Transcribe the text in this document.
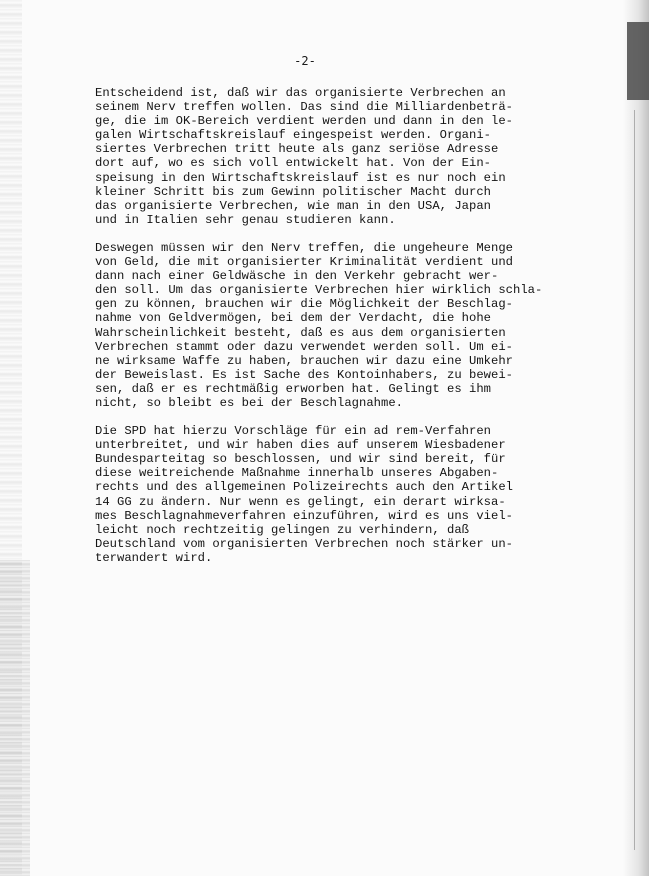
-2-

Entscheidend ist, daß wir das organisierte Verbrechen an
seinem Nerv treffen wollen. Das sind die Milliardenbeträ-
ge, die im OK-Bereich verdient werden und dann in den le-
galen Wirtschaftskreislauf eingespeist werden. Organi-
siertes Verbrechen tritt heute als ganz seriöse Adresse
dort auf, wo es sich voll entwickelt hat. Von der Ein-
speisung in den Wirtschaftskreislauf ist es nur noch ein
kleiner Schritt bis zum Gewinn politischer Macht durch
das organisierte Verbrechen, wie man in den USA, Japan
und in Italien sehr genau studieren kann.

Deswegen müssen wir den Nerv treffen, die ungeheure Menge
von Geld, die mit organisierter Kriminalität verdient und
dann nach einer Geldwäsche in den Verkehr gebracht wer-
den soll. Um das organisierte Verbrechen hier wirklich schla-
gen zu können, brauchen wir die Möglichkeit der Beschlag-
nahme von Geldvermögen, bei dem der Verdacht, die hohe
Wahrscheinlichkeit besteht, daß es aus dem organisierten
Verbrechen stammt oder dazu verwendet werden soll. Um ei-
ne wirksame Waffe zu haben, brauchen wir dazu eine Umkehr
der Beweislast. Es ist Sache des Kontoinhabers, zu bewei-
sen, daß er es rechtmäßig erworben hat. Gelingt es ihm
nicht, so bleibt es bei der Beschlagnahme.

Die SPD hat hierzu Vorschläge für ein ad rem-Verfahren
unterbreitet, und wir haben dies auf unserem Wiesbadener
Bundesparteitag so beschlossen, und wir sind bereit, für
diese weitreichende Maßnahme innerhalb unseres Abgaben-
rechts und des allgemeinen Polizeirechts auch den Artikel
14 GG zu ändern. Nur wenn es gelingt, ein derart wirksa-
mes Beschlagnahmeverfahren einzuführen, wird es uns viel-
leicht noch rechtzeitig gelingen zu verhindern, daß
Deutschland vom organisierten Verbrechen noch stärker un-
terwandert wird.
